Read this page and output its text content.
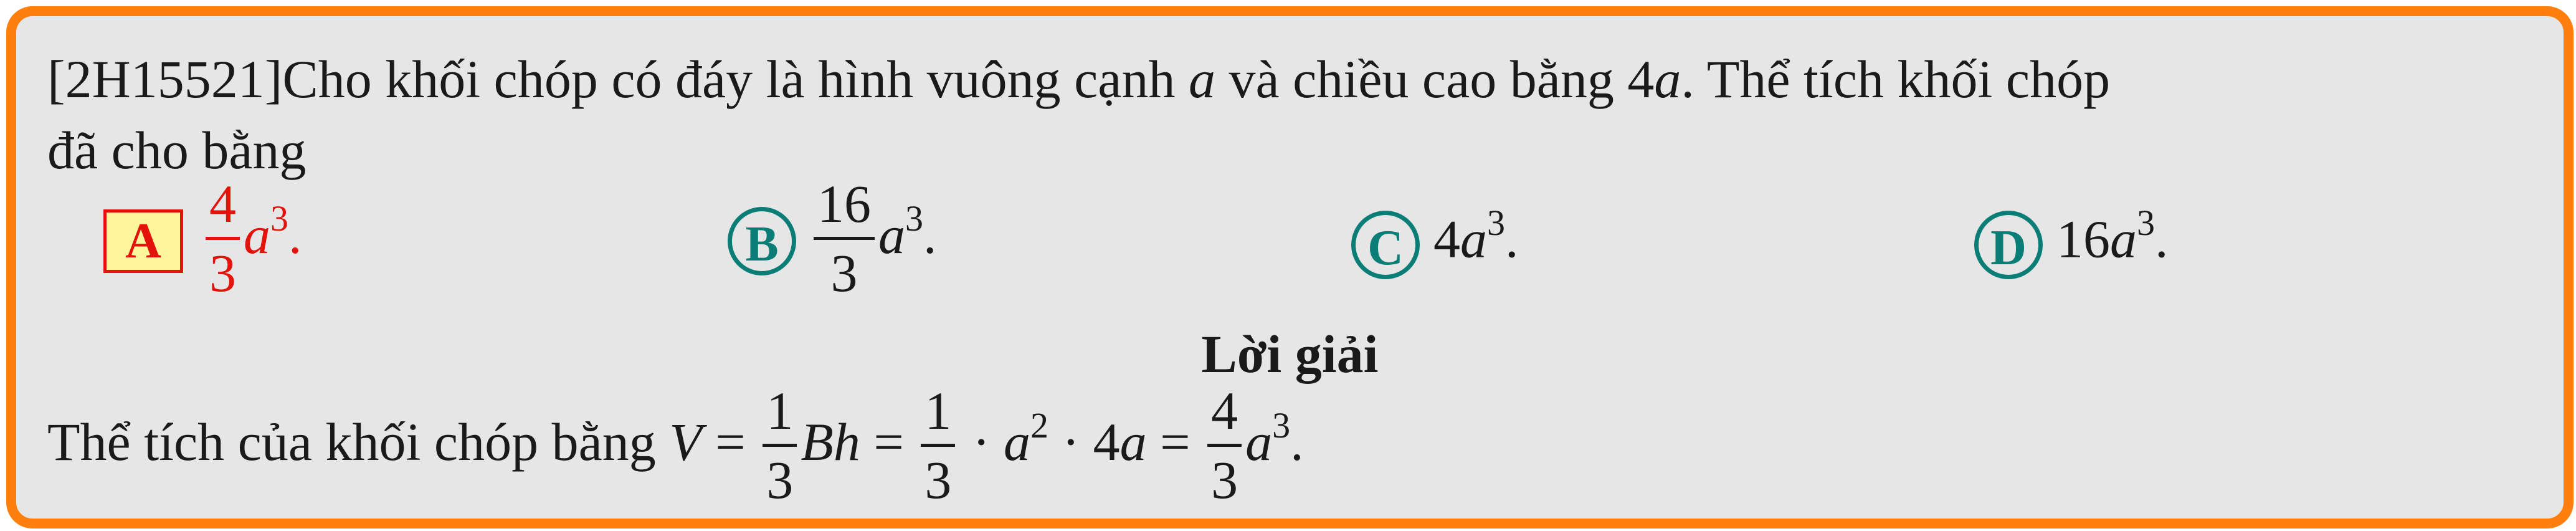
[2H15521]Cho khối chóp có đáy là hình vuông cạnh a và chiều cao bằng 4a. Thể tích khối chóp
đã cho bằng
A $\frac{4}{3} a^3$.	B $\frac{16}{3} a^3$.	C $4a^3$.	D $16a^3$.
Lời giải
Thể tích của khối chóp bằng $V = \frac{1}{3}$ $Bh = \frac{1}{3} \cdot a^2 \cdot 4a = \frac{4}{3} a^3$.
